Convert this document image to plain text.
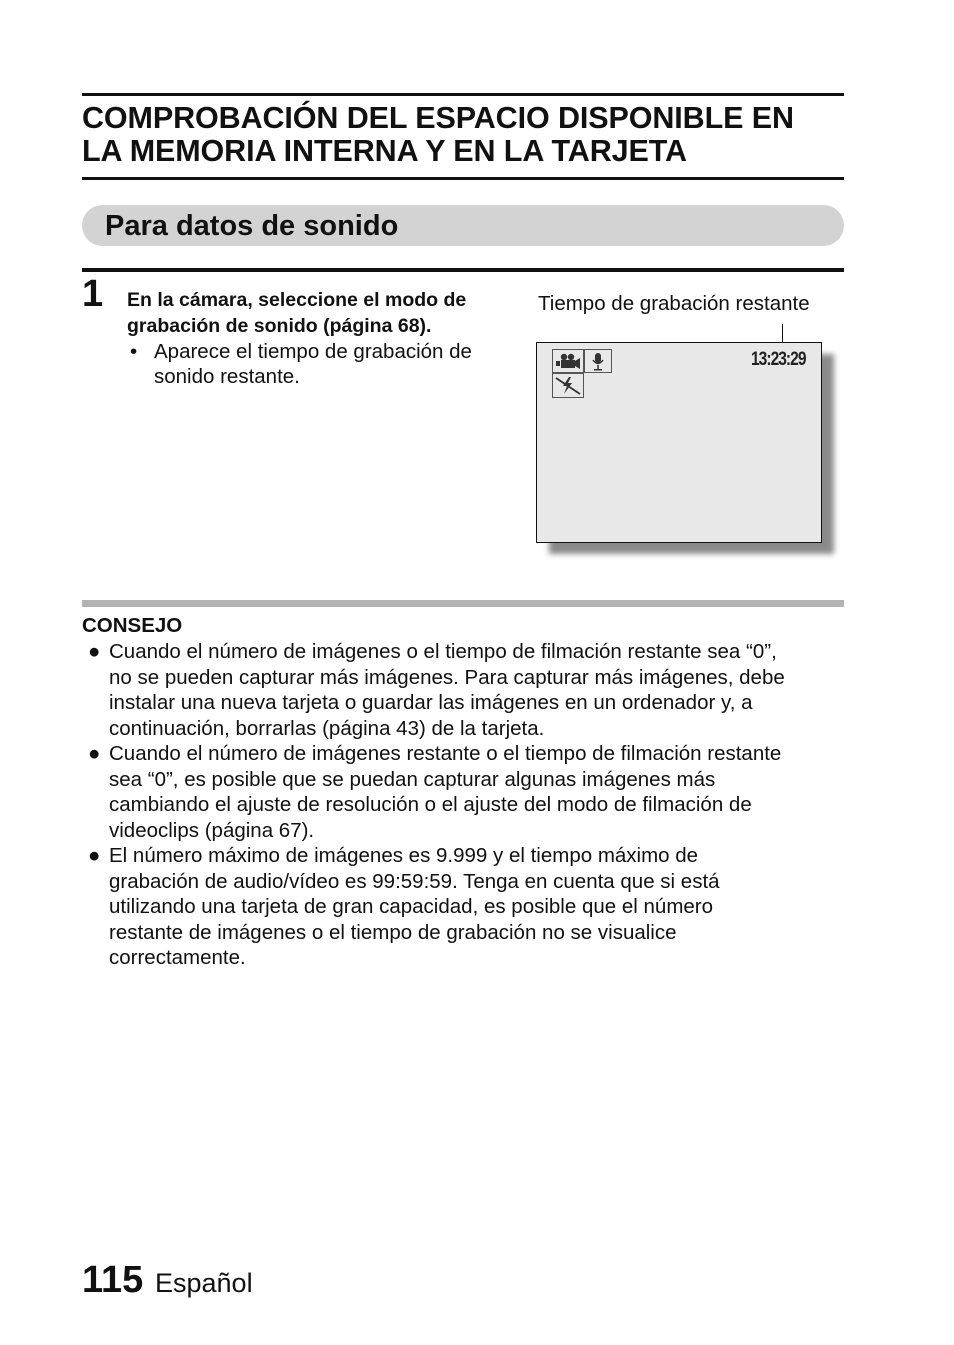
COMPROBACIÓN DEL ESPACIO DISPONIBLE EN
LA MEMORIA INTERNA Y EN LA TARJETA
Para datos de sonido
1 En la cámara, seleccione el modo de
grabación de sonido (página 68).
• Aparece el tiempo de grabación de
sonido restante.
Tiempo de grabación restante
13:23:29
CONSEJO
● Cuando el número de imágenes o el tiempo de filmación restante sea “0”,
no se pueden capturar más imágenes. Para capturar más imágenes, debe
instalar una nueva tarjeta o guardar las imágenes en un ordenador y, a
continuación, borrarlas (página 43) de la tarjeta.
● Cuando el número de imágenes restante o el tiempo de filmación restante
sea “0”, es posible que se puedan capturar algunas imágenes más
cambiando el ajuste de resolución o el ajuste del modo de filmación de
videoclips (página 67).
● El número máximo de imágenes es 9.999 y el tiempo máximo de
grabación de audio/vídeo es 99:59:59. Tenga en cuenta que si está
utilizando una tarjeta de gran capacidad, es posible que el número
restante de imágenes o el tiempo de grabación no se visualice
correctamente.
115 Español
